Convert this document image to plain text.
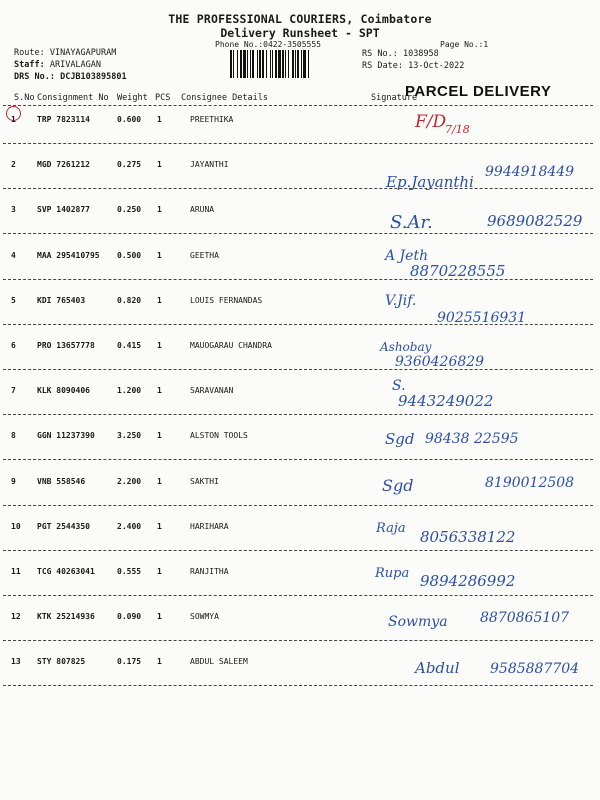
THE PROFESSIONAL COURIERS, Coimbatore
Delivery Runsheet - SPT
Phone No.:0422-3505555	Page No.:1
Route: VINAYAGAPURAM
Staff: ARIVALAGAN
DRS No.: DCJB103895801
RS No.: 1038958
RS Date: 13-Oct-2022
S.No Consignment No Weight PCS Consignee Details	Signature
PARCEL DELIVERY
1	TRP 7823114	0.600 1	PREETHIKA	F/D
7/18
2	MGD 7261212	0.275 1	JAYANTHI
Ep.Jayanthi
9944918449
3	SVP 1402877	0.250 1	ARUNA
S.Ar.	9689082529
4	MAA 295410795 0.500 1	GEETHA	A Jeth
8870228555
5	KDI 765403	0.820 1	LOUIS FERNANDAS	V.Jif.
9025516931
6	PRO 13657778	0.415 1	MAUOGARAU CHANDRA	Ashobay
9360426829
7	KLK 8090406	1.200 1	SARAVANAN	S.
9443249022
8	GGN 11237390	3.250 1	ALSTON TOOLS	Sgd 98438 22595
9	VNB 558546	2.200 1	SAKTHI	Sgd	8190012508
10 PGT 2544350	2.400 1	HARIHARA	Raja 8056338122
11 TCG 40263041	0.555 1	RANJITHA	Rupa 9894286992
12 KTK 25214936	0.090 1	SOWMYA	Sowmya 8870865107
13 STY 807825	0.175 1	ABDUL SALEEM	Abdul 9585887704
